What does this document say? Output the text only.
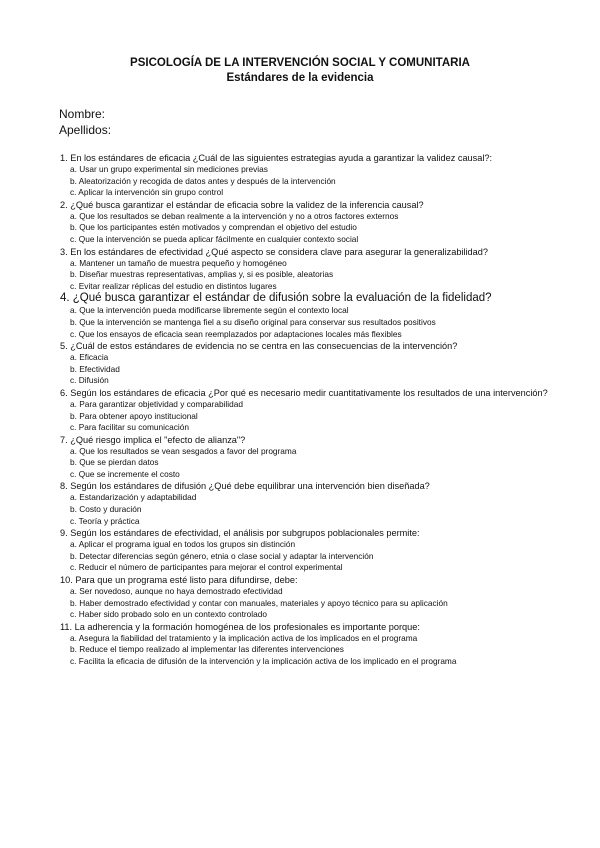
PSICOLOGÍA DE LA INTERVENCIÓN SOCIAL Y COMUNITARIA
Estándares de la evidencia
Nombre:
Apellidos:
1. En los estándares de eficacia ¿Cuál de las siguientes estrategias ayuda a garantizar la validez causal?:
a. Usar un grupo experimental sin mediciones previas
b. Aleatorización y recogida de datos antes y después de la intervención
c. Aplicar la intervención sin grupo control
2. ¿Qué busca garantizar el estándar de eficacia sobre la validez de la inferencia causal?
a. Que los resultados se deban realmente a la intervención y no a otros factores externos
b. Que los participantes estén motivados y comprendan el objetivo del estudio
c. Que la intervención se pueda aplicar fácilmente en cualquier contexto social
3. En los estándares de efectividad ¿Qué aspecto se considera clave para asegurar la generalizabilidad?
a. Mantener un tamaño de muestra pequeño y homogéneo
b. Diseñar muestras representativas, amplias y, si es posible, aleatorias
c. Evitar realizar réplicas del estudio en distintos lugares
4. ¿Qué busca garantizar el estándar de difusión sobre la evaluación de la fidelidad?
a. Que la intervención pueda modificarse libremente según el contexto local
b. Que la intervención se mantenga fiel a su diseño original para conservar sus resultados positivos
c. Que los ensayos de eficacia sean reemplazados por adaptaciones locales más flexibles
5. ¿Cuál de estos estándares de evidencia no se centra en las consecuencias de la intervención?
a. Eficacia
b. Efectividad
c. Difusión
6. Según los estándares de eficacia ¿Por qué es necesario medir cuantitativamente los resultados de una intervención?
a. Para garantizar objetividad y comparabilidad
b. Para obtener apoyo institucional
c. Para facilitar su comunicación
7. ¿Qué riesgo implica el "efecto de alianza"?
a. Que los resultados se vean sesgados a favor del programa
b. Que se pierdan datos
c. Que se incremente el costo
8. Según los estándares de difusión ¿Qué debe equilibrar una intervención bien diseñada?
a. Estandarización y adaptabilidad
b. Costo y duración
c. Teoría y práctica
9. Según los estándares de efectividad, el análisis por subgrupos poblacionales permite:
a. Aplicar el programa igual en todos los grupos sin distinción
b. Detectar diferencias según género, etnia o clase social y adaptar la intervención
c. Reducir el número de participantes para mejorar el control experimental
10. Para que un programa esté listo para difundirse, debe:
a. Ser novedoso, aunque no haya demostrado efectividad
b. Haber demostrado efectividad y contar con manuales, materiales y apoyo técnico para su aplicación
c. Haber sido probado solo en un contexto controlado
11. La adherencia y la formación homogénea de los profesionales es importante porque:
a. Asegura la fiabilidad del tratamiento y la implicación activa de los implicados en el programa
b. Reduce el tiempo realizado al implementar las diferentes intervenciones
c. Facilita la eficacia de difusión de la intervención y la implicación activa de los implicado en el programa
